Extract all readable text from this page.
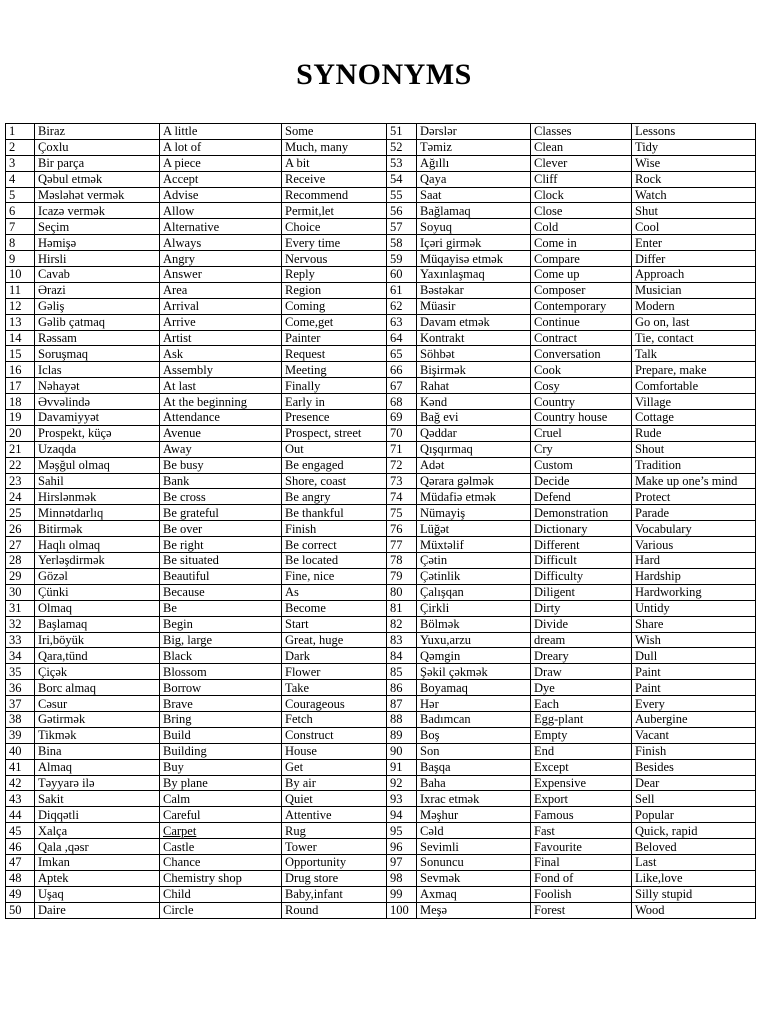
SYNONYMS
1	Biraz	A little	Some	51	Dərslər	Classes	Lessons
2	Çoxlu	A lot of	Much, many	52	Təmiz	Clean	Tidy
3	Bir parça	A piece	A bit	53	Ağıllı	Clever	Wise
4	Qəbul etmək	Accept	Receive	54	Qaya	Cliff	Rock
5	Məsləhət vermək	Advise	Recommend	55	Saat	Clock	Watch
6	Icazə vermək	Allow	Permit,let	56	Bağlamaq	Close	Shut
7	Seçim	Alternative	Choice	57	Soyuq	Cold	Cool
8	Həmişə	Always	Every time	58	Içəri girmək	Come in	Enter
9	Hirsli	Angry	Nervous	59	Müqayisə etmək	Compare	Differ
10	Cavab	Answer	Reply	60	Yaxınlaşmaq	Come up	Approach
11	Ərazi	Area	Region	61	Bəstəkar	Composer	Musician
12	Gəliş	Arrival	Coming	62	Müasir	Contemporary	Modern
13	Gəlib çatmaq	Arrive	Come,get	63	Davam etmək	Continue	Go on, last
14	Rəssam	Artist	Painter	64	Kontrakt	Contract	Tie, contact
15	Soruşmaq	Ask	Request	65	Söhbət	Conversation	Talk
16	Iclas	Assembly	Meeting	66	Bişirmək	Cook	Prepare, make
17	Nəhayət	At last	Finally	67	Rahat	Cosy	Comfortable
18	Əvvəlində	At the beginning	Early in	68	Kənd	Country	Village
19	Davamiyyət	Attendance	Presence	69	Bağ evi	Country house	Cottage
20	Prospekt, küçə	Avenue	Prospect, street	70	Qəddar	Cruel	Rude
21	Uzaqda	Away	Out	71	Qışqırmaq	Cry	Shout
22	Məşğul olmaq	Be busy	Be engaged	72	Adət	Custom	Tradition
23	Sahil	Bank	Shore, coast	73	Qərara gəlmək	Decide	Make up one’s mind
24	Hirslənmək	Be cross	Be angry	74	Müdafiə etmək	Defend	Protect
25	Minnətdarlıq	Be grateful	Be thankful	75	Nümayiş	Demonstration	Parade
26	Bitirmək	Be over	Finish	76	Lüğət	Dictionary	Vocabulary
27	Haqlı olmaq	Be right	Be correct	77	Müxtəlif	Different	Various
28	Yerləşdirmək	Be situated	Be located	78	Çətin	Difficult	Hard
29	Gözəl	Beautiful	Fine, nice	79	Çətinlik	Difficulty	Hardship
30	Çünki	Because	As	80	Çalışqan	Diligent	Hardworking
31	Olmaq	Be	Become	81	Çirkli	Dirty	Untidy
32	Başlamaq	Begin	Start	82	Bölmək	Divide	Share
33	Iri,böyük	Big, large	Great, huge	83	Yuxu,arzu	dream	Wish
34	Qara,tünd	Black	Dark	84	Qəmgin	Dreary	Dull
35	Çiçək	Blossom	Flower	85	Şəkil çəkmək	Draw	Paint
36	Borc almaq	Borrow	Take	86	Boyamaq	Dye	Paint
37	Cəsur	Brave	Courageous	87	Hər	Each	Every
38	Gətirmək	Bring	Fetch	88	Badımcan	Egg-plant	Aubergine
39	Tikmək	Build	Construct	89	Boş	Empty	Vacant
40	Bina	Building	House	90	Son	End	Finish
41	Almaq	Buy	Get	91	Başqa	Except	Besides
42	Təyyarə ilə	By plane	By air	92	Baha	Expensive	Dear
43	Sakit	Calm	Quiet	93	Ixrac etmək	Export	Sell
44	Diqqətli	Careful	Attentive	94	Məşhur	Famous	Popular
45	Xalça	Carpet	Rug	95	Cəld	Fast	Quick, rapid
46	Qala ,qəsr	Castle	Tower	96	Sevimli	Favourite	Beloved
47	Imkan	Chance	Opportunity	97	Sonuncu	Final	Last
48	Aptek	Chemistry shop	Drug store	98	Sevmək	Fond of	Like,love
49	Uşaq	Child	Baby,infant	99	Axmaq	Foolish	Silly stupid
50	Daire	Circle	Round	100	Meşə	Forest	Wood
